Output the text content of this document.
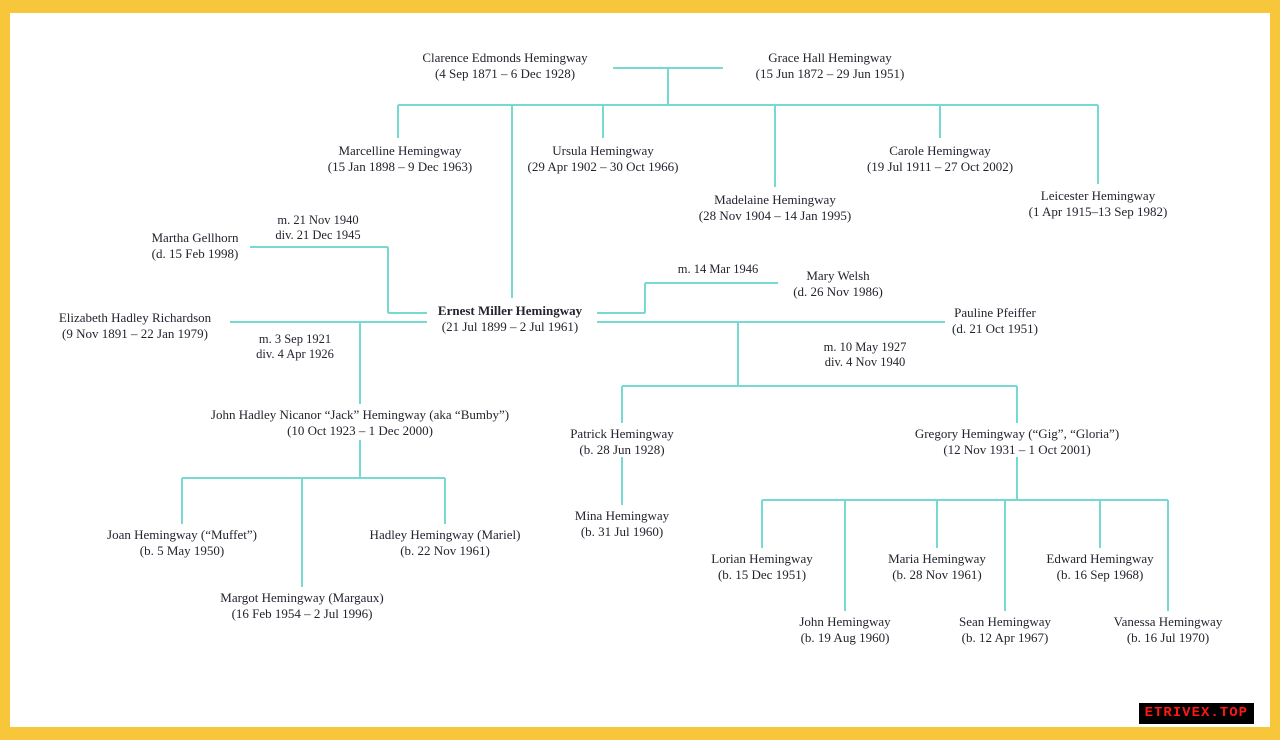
Clarence Edmonds Hemingway
(4 Sep 1871 – 6 Dec 1928)
Grace Hall Hemingway
(15 Jun 1872 – 29 Jun 1951)
Marcelline Hemingway
(15 Jan 1898 – 9 Dec 1963)
Ursula Hemingway
(29 Apr 1902 – 30 Oct 1966)
Madelaine Hemingway
(28 Nov 1904 – 14 Jan 1995)
Carole Hemingway
(19 Jul 1911 – 27 Oct 2002)
Leicester Hemingway
(1 Apr 1915–13 Sep 1982)
Martha Gellhorn
(d. 15 Feb 1998)
m. 21 Nov 1940
div. 21 Dec 1945
Ernest Miller Hemingway
(21 Jul 1899 – 2 Jul 1961)
m. 14 Mar 1946	Mary Welsh
(d. 26 Nov 1986)
Elizabeth Hadley Richardson
(9 Nov 1891 – 22 Jan 1979)	m. 3 Sep 1921
div. 4 Apr 1926
Pauline Pfeiffer
(d. 21 Oct 1951)
m. 10 May 1927
div. 4 Nov 1940
John Hadley Nicanor “Jack” Hemingway (aka “Bumby”)
(10 Oct 1923 – 1 Dec 2000)	Patrick Hemingway
(b. 28 Jun 1928)
Gregory Hemingway (“Gig”, “Gloria”)
(12 Nov 1931 – 1 Oct 2001)
Joan Hemingway (“Muffet”)
(b. 5 May 1950)
Hadley Hemingway (Mariel)
(b. 22 Nov 1961)
Margot Hemingway (Margaux)
(16 Feb 1954 – 2 Jul 1996)
Mina Hemingway
(b. 31 Jul 1960)
Lorian Hemingway
(b. 15 Dec 1951)
Maria Hemingway
(b. 28 Nov 1961)
Edward Hemingway
(b. 16 Sep 1968)
John Hemingway
(b. 19 Aug 1960)
Sean Hemingway
(b. 12 Apr 1967)
Vanessa Hemingway
(b. 16 Jul 1970)
ETRIVEX.TOP
